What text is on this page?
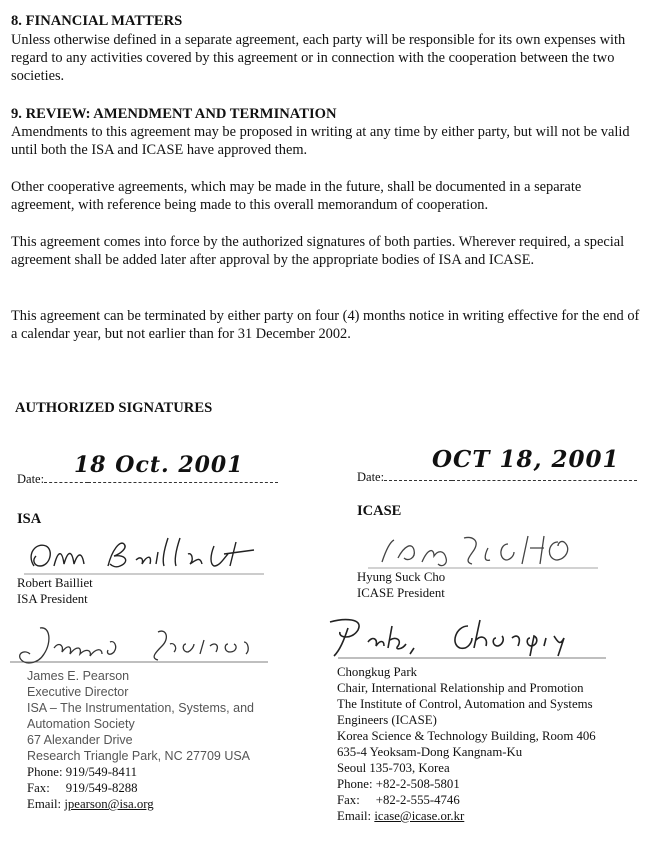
8. FINANCIAL MATTERS
Unless otherwise defined in a separate agreement, each party will be responsible for its own expenses with regard to any activities covered by this agreement or in connection with the cooperation between the two societies.
9. REVIEW: AMENDMENT AND TERMINATION
Amendments to this agreement may be proposed in writing at any time by either party, but will not be valid until both the ISA and ICASE have approved them.
Other cooperative agreements, which may be made in the future, shall be documented in a separate agreement, with reference being made to this overall memorandum of cooperation.
This agreement comes into force by the authorized signatures of both parties. Wherever required, a special agreement shall be added later after approval by the appropriate bodies of ISA and ICASE.
This agreement can be terminated by either party on four (4) months notice in writing effective for the end of a calendar year, but not earlier than for 31 December 2002.
AUTHORIZED SIGNATURES
Date:
18 Oct. 2001	Date:
OCT 18, 2001
ISA	ICASE
Robert Bailliet
ISA President
Hyung Suck Cho
ICASE President
James E. Pearson
Executive Director
ISA – The Instrumentation, Systems, and
Automation Society
67 Alexander Drive
Research Triangle Park, NC 27709 USA
Phone: 919/549-8411
Fax:     919/549-8288
Email: jpearson@isa.org
Chongkug Park
Chair, International Relationship and Promotion
The Institute of Control, Automation and Systems
Engineers (ICASE)
Korea Science & Technology Building, Room 406
635-4 Yeoksam-Dong Kangnam-Ku
Seoul 135-703, Korea
Phone: +82-2-508-5801
Fax:     +82-2-555-4746
Email: icase@icase.or.kr
